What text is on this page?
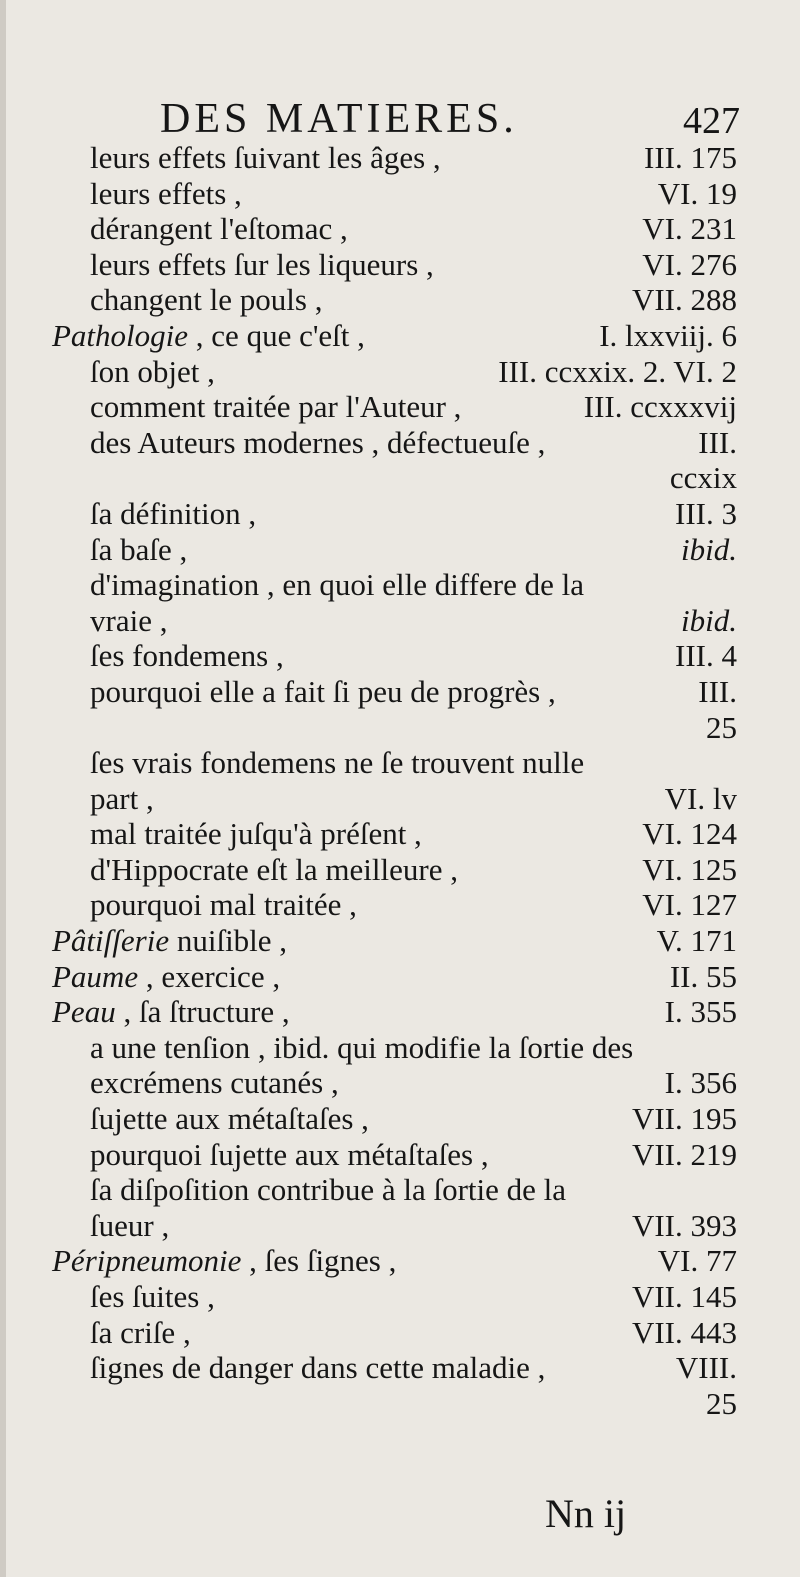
DES MATIERES.	427
leurs effets ſuivant les âges ,	III. 175
leurs effets ,	VI. 19
dérangent l'eſtomac ,	VI. 231
leurs effets ſur les liqueurs ,	VI. 276
changent le pouls ,	VII. 288
Pathologie , ce que c'eſt ,	I. lxxviij. 6
ſon objet ,	III. ccxxix. 2. VI. 2
comment traitée par l'Auteur ,	III. ccxxxvij
des Auteurs modernes , défectueuſe ,	III.
ccxix
ſa définition ,	III. 3
ſa baſe ,	ibid.
d'imagination , en quoi elle differe de la
vraie ,	ibid.
ſes fondemens ,	III. 4
pourquoi elle a fait ſi peu de progrès ,	III.
25
ſes vrais fondemens ne ſe trouvent nulle
part ,	VI. lv
mal traitée juſqu'à préſent ,	VI. 124
d'Hippocrate eſt la meilleure ,	VI. 125
pourquoi mal traitée ,	VI. 127
Pâtiſſerie nuiſible ,	V. 171
Paume , exercice ,	II. 55
Peau , ſa ſtructure ,	I. 355
a une tenſion , ibid. qui modifie la ſortie des
excrémens cutanés ,	I. 356
ſujette aux métaſtaſes ,	VII. 195
pourquoi ſujette aux métaſtaſes ,	VII. 219
ſa diſpoſition contribue à la ſortie de la
ſueur ,	VII. 393
Péripneumonie , ſes ſignes ,	VI. 77
ſes ſuites ,	VII. 145
ſa criſe ,	VII. 443
ſignes de danger dans cette maladie ,	VIII.
25
Nn ij
